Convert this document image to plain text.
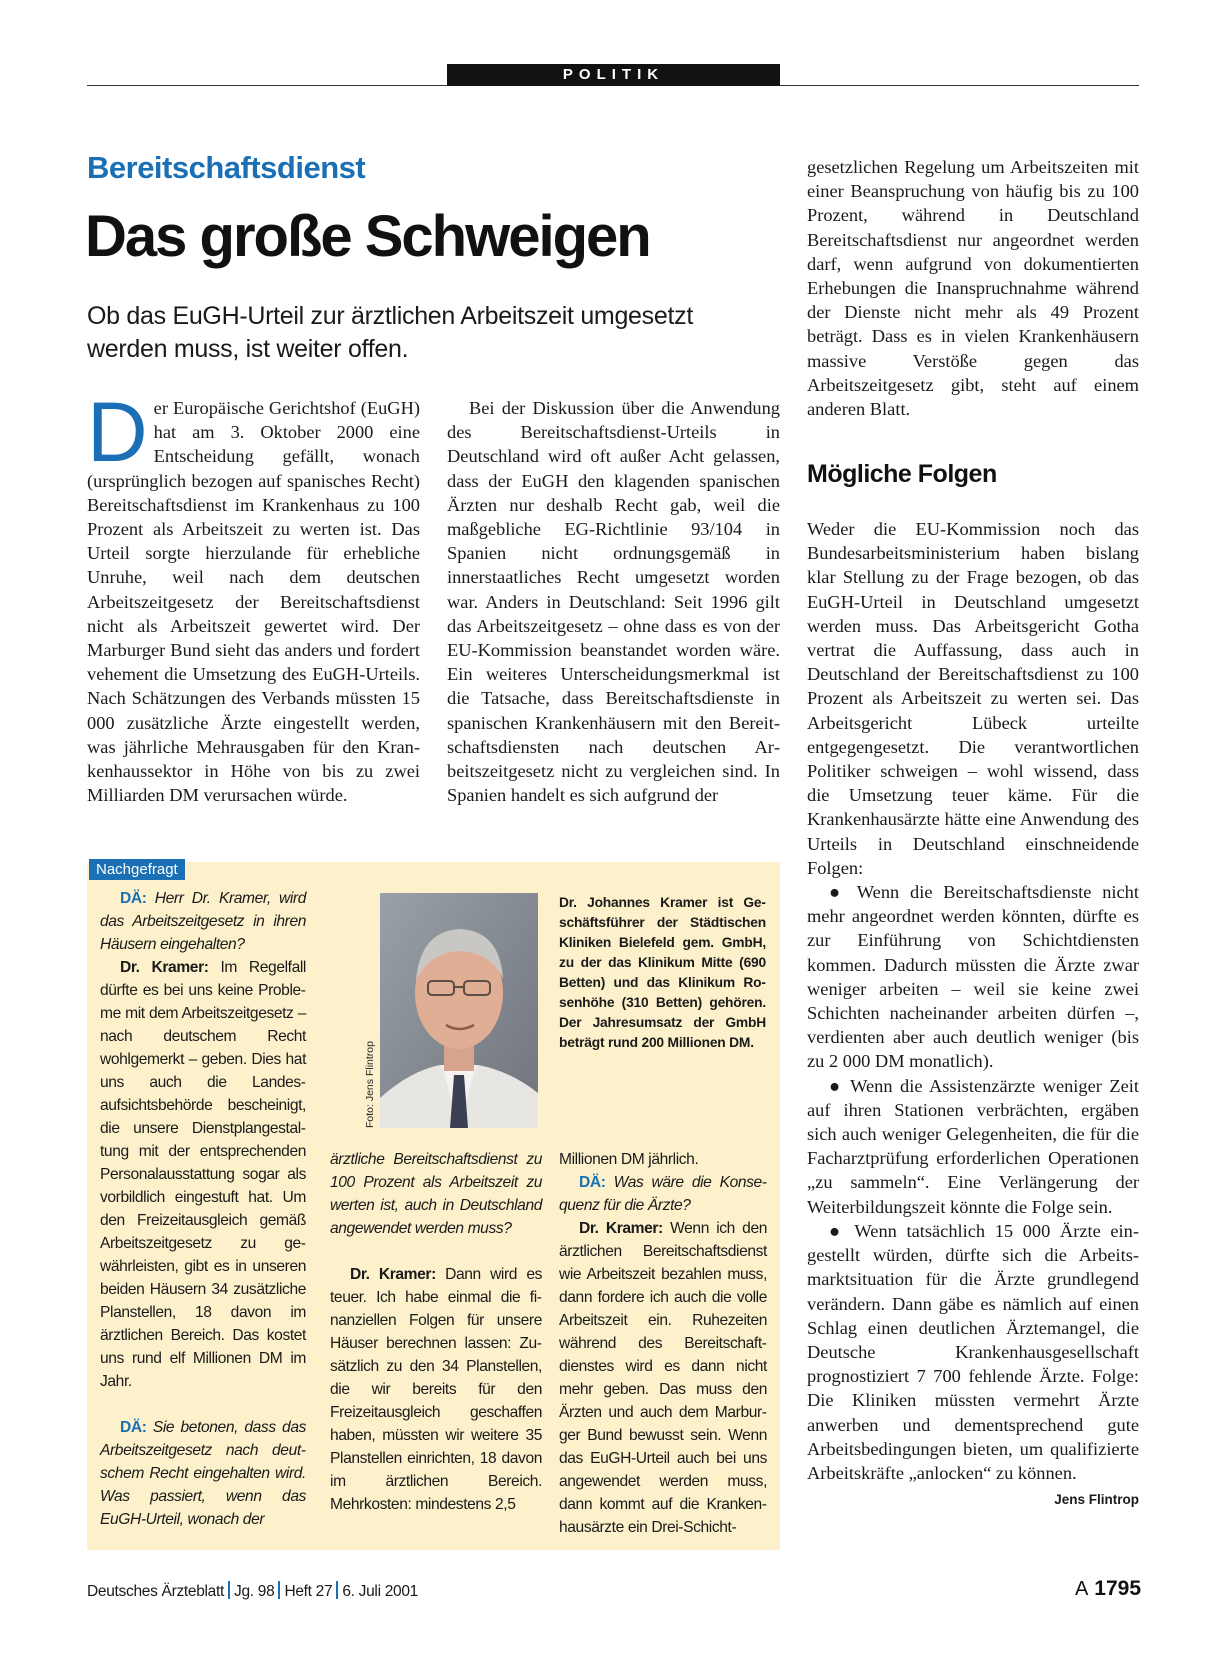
POLITIK
Bereitschaftsdienst
Das große Schweigen
Ob das EuGH-Urteil zur ärztlichen Arbeitszeit umgesetzt werden muss, ist weiter offen.
Der Europäische Gerichtshof (EuGH) hat am 3. Oktober 2000 eine Entscheidung gefällt, wonach (ursprünglich bezogen auf spanisches Recht) Bereitschaftsdienst im Krankenhaus zu 100 Prozent als Arbeitszeit zu werten ist. Das Urteil sorgte hierzulande für erhebliche Unruhe, weil nach dem deutschen Arbeitszeitgesetz der Bereitschaftsdienst nicht als Arbeitszeit gewertet wird. Der Marburger Bund sieht das anders und fordert vehement die Umsetzung des EuGH-Urteils. Nach Schätzungen des Verbands müssten 15 000 zusätzliche Ärzte eingestellt werden, was jährliche Mehrausgaben für den Krankenhaussektor in Höhe von bis zu zwei Milliarden DM verursachen würde.
Bei der Diskussion über die Anwendung des Bereitschaftsdienst-Urteils in Deutschland wird oft außer Acht gelassen, dass der EuGH den klagenden spanischen Ärzten nur deshalb Recht gab, weil die maßgebliche EG-Richtlinie 93/104 in Spanien nicht ordnungsgemäß in innerstaatliches Recht umgesetzt worden war. Anders in Deutschland: Seit 1996 gilt das Arbeitszeitgesetz – ohne dass es von der EU-Kommission beanstandet worden wäre. Ein weiteres Unterscheidungsmerkmal ist die Tatsache, dass Bereitschaftsdienste in spanischen Krankenhäusern mit den Bereitschaftsdiensten nach deutschen Arbeitszeitgesetz nicht zu vergleichen sind. In Spanien handelt es sich aufgrund der
gesetzlichen Regelung um Arbeitszeiten mit einer Beanspruchung von häufig bis zu 100 Prozent, während in Deutschland Bereitschaftsdienst nur angeordnet werden darf, wenn aufgrund von dokumentierten Erhebungen die Inanspruchnahme während der Dienste nicht mehr als 49 Prozent beträgt. Dass es in vielen Krankenhäusern massive Verstöße gegen das Arbeitszeitgesetz gibt, steht auf einem anderen Blatt.
Mögliche Folgen

Weder die EU-Kommission noch das Bundesarbeitsministerium haben bislang klar Stellung zu der Frage bezogen, ob das EuGH-Urteil in Deutschland umgesetzt werden muss. Das Arbeitsgericht Gotha vertrat die Auffassung, dass auch in Deutschland der Bereitschaftsdienst zu 100 Prozent als Arbeitszeit zu werten sei. Das Arbeitsgericht Lübeck urteilte entgegengesetzt. Die verantwortlichen Politiker schweigen – wohl wissend, dass die Umsetzung teuer käme. Für die Krankenhausärzte hätte eine Anwendung des Urteils in Deutschland einschneidende Folgen:

● Wenn die Bereitschaftsdienste nicht mehr angeordnet werden könnten, dürfte es zur Einführung von Schichtdiensten kommen. Dadurch müssten die Ärzte zwar weniger arbeiten – weil sie keine zwei Schichten nacheinander arbeiten dürfen –, verdienten aber auch deutlich weniger (bis zu 2 000 DM monatlich).

● Wenn die Assistenzärzte weniger Zeit auf ihren Stationen verbrächten, ergäben sich auch weniger Gelegenheiten, die für die Facharztprüfung erforderlichen Operationen „zu sammeln“. Eine Verlängerung der Weiterbildungszeit könnte die Folge sein.

● Wenn tatsächlich 15 000 Ärzte eingestellt würden, dürfte sich die Arbeitsmarktsituation für die Ärzte grundlegend verändern. Dann gäbe es nämlich auf einen Schlag einen deutlichen Ärztemangel, die Deutsche Krankenhausgesellschaft prognostiziert 7 700 fehlende Ärzte. Folge: Die Kliniken müssten vermehrt Ärzte anwerben und dementsprechend gute Arbeitsbedingungen bieten, um qualifizierte Arbeitskräfte „anlocken“ zu können.
Jens Flintrop

Nachgefragt

DÄ: Herr Dr. Kramer, wird das Arbeitszeitgesetz in ihren Häusern eingehalten?

Dr. Kramer: Im Regelfall dürfte es bei uns keine Probleme mit dem Arbeitszeitgesetz – nach deutschem Recht wohlgemerkt – geben. Dies hat uns auch die Landesaufsichtsbehörde bescheinigt, die unsere Dienstplangestaltung mit der entsprechenden Personalausstattung sogar als vorbildlich eingestuft hat. Um den Freizeitausgleich gemäß Arbeitszeitgesetz zu gewährleisten, gibt es in unseren beiden Häusern 34 zusätzliche Planstellen, 18 davon im ärztlichen Bereich. Das kostet uns rund elf Millionen DM im Jahr.

DÄ: Sie betonen, dass das Arbeitszeitgesetz nach deutschem Recht eingehalten wird. Was passiert, wenn das EuGH-Urteil, wonach der

Foto: Jens Flintrop
Dr. Johannes Kramer ist Geschäftsführer der Städtischen Kliniken Bielefeld gem. GmbH, zu der das Klinikum Mitte (690 Betten) und das Klinikum Rosenhöhe (310 Betten) gehören. Der Jahresumsatz der GmbH beträgt rund 200 Millionen DM.

ärztliche Bereitschaftsdienst zu 100 Prozent als Arbeitszeit zu werten ist, auch in Deutschland angewendet werden muss?

Dr. Kramer: Dann wird es teuer. Ich habe einmal die finanziellen Folgen für unsere Häuser berechnen lassen: Zusätzlich zu den 34 Planstellen, die wir bereits für den Freizeitausgleich geschaffen haben, müssten wir weitere 35 Planstellen einrichten, 18 davon im ärztlichen Bereich. Mehrkosten: mindestens 2,5

Millionen DM jährlich.

DÄ: Was wäre die Konsequenz für die Ärzte?

Dr. Kramer: Wenn ich den ärztlichen Bereitschaftsdienst wie Arbeitszeit bezahlen muss, dann fordere ich auch die volle Arbeitszeit ein. Ruhezeiten während des Bereitschaftdienstes wird es dann nicht mehr geben. Das muss den Ärzten und auch dem Marburger Bund bewusst sein. Wenn das EuGH-Urteil auch bei uns angewendet werden muss, dann kommt auf die Krankenhausärzte ein Drei-Schicht-

Deutsches Ärzteblatt Jg. 98 Heft 27 6. Juli 2001	A 1795
